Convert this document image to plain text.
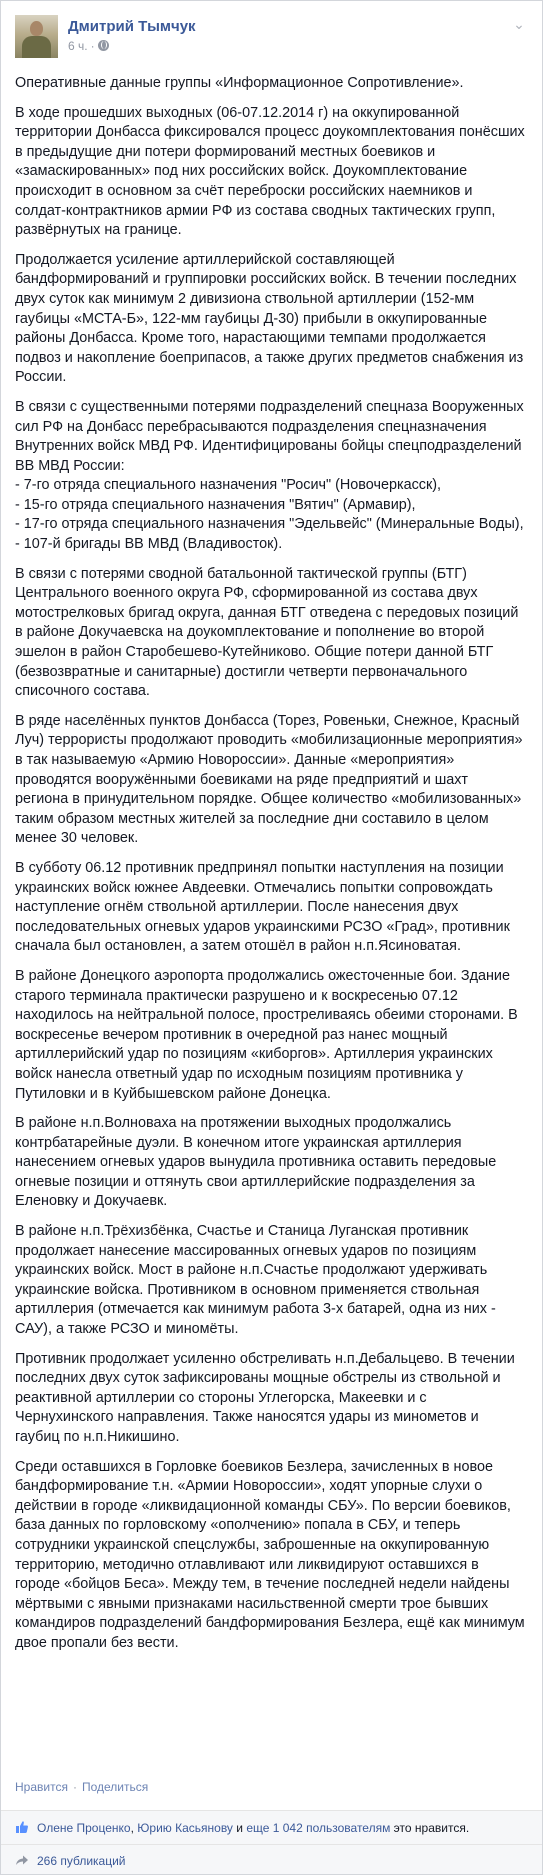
Дмитрий Тымчук
6 ч. ·
⌄

Оперативные данные группы «Информационное Сопротивление».

В ходе прошедших выходных (06-07.12.2014 г) на оккупированной территории Донбасса фиксировался процесс доукомплектования понёсших в предыдущие дни потери формирований местных боевиков и «замаскированных» под них российских войск. Доукомплектование происходит в основном за счёт переброски российских наемников и солдат-контрактников армии РФ из состава сводных тактических групп, развёрнутых на границе.

Продолжается усиление артиллерийской составляющей бандформирований и группировки российских войск. В течении последних двух суток как минимум 2 дивизиона ствольной артиллерии (152-мм гаубицы «МСТА-Б», 122-мм гаубицы Д-30) прибыли в оккупированные районы Донбасса. Кроме того, нарастающими темпами продолжается подвоз и накопление боеприпасов, а также других предметов снабжения из России.

В связи с существенными потерями подразделений спецназа Вооруженных сил РФ на Донбасс перебрасываются подразделения спецназначения Внутренних войск МВД РФ. Идентифицированы бойцы спецподразделений ВВ МВД России:
- 7-го отряда специального назначения "Росич" (Новочеркасск),
- 15-го отряда специального назначения "Вятич" (Армавир),
- 17-го отряда специального назначения "Эдельвейс" (Минеральные Воды),
- 107-й бригады ВВ МВД (Владивосток).

В связи с потерями сводной батальонной тактической группы (БТГ) Центрального военного округа РФ, сформированной из состава двух мотострелковых бригад округа, данная БТГ отведена с передовых позиций в районе Докучаевска на доукомплектование и пополнение во второй эшелон в район Старобешево-Кутейниково. Общие потери данной БТГ (безвозвратные и санитарные) достигли четверти первоначального списочного состава.

В ряде населённых пунктов Донбасса (Торез, Ровеньки, Снежное, Красный Луч) террористы продолжают проводить «мобилизационные мероприятия» в так называемую «Армию Новороссии». Данные «мероприятия» проводятся вооружёнными боевиками на ряде предприятий и шахт региона в принудительном порядке. Общее количество «мобилизованных» таким образом местных жителей за последние дни составило в целом менее 30 человек.

В субботу 06.12 противник предпринял попытки наступления на позиции украинских войск южнее Авдеевки. Отмечались попытки сопровождать наступление огнём ствольной артиллерии. После нанесения двух последовательных огневых ударов украинскими РСЗО «Град», противник сначала был остановлен, а затем отошёл в район н.п.Ясиноватая.

В районе Донецкого аэропорта продолжались ожесточенные бои. Здание старого терминала практически разрушено и к воскресенью 07.12 находилось на нейтральной полосе, простреливаясь обеими сторонами. В воскресенье вечером противник в очередной раз нанес мощный артиллерийский удар по позициям «киборгов». Артиллерия украинских войск нанесла ответный удар по исходным позициям противника у Путиловки и в Куйбышевском районе Донецка.

В районе н.п.Волноваха на протяжении выходных продолжались контрбатарейные дуэли. В конечном итоге украинская артиллерия нанесением огневых ударов вынудила противника оставить передовые огневые позиции и оттянуть свои артиллерийские подразделения за Еленовку и Докучаевк.

В районе н.п.Трёхизбёнка, Счастье и Станица Луганская противник продолжает нанесение массированных огневых ударов по позициям украинских войск. Мост в районе н.п.Счастье продолжают удерживать украинские войска. Противником в основном применяется ствольная артиллерия (отмечается как минимум работа 3-х батарей, одна из них - САУ), а также РСЗО и миномёты.

Противник продолжает усиленно обстреливать н.п.Дебальцево. В течении последних двух суток зафиксированы мощные обстрелы из ствольной и реактивной артиллерии со стороны Углегорска, Макеевки и с Чернухинского направления. Также наносятся удары из минометов и гаубиц по н.п.Никишино.

Среди оставшихся в Горловке боевиков Безлера, зачисленных в новое бандформирование т.н. «Армии Новороссии», ходят упорные слухи о действии в городе «ликвидационной команды СБУ». По версии боевиков, база данных по горловскому «ополчению» попала в СБУ, и теперь сотрудники украинской спецслужбы, заброшенные на оккупированную территорию, методично отлавливают или ликвидируют оставшихся в городе «бойцов Беса». Между тем, в течение последней недели найдены мёртвыми с явными признаками насильственной смерти трое бывших командиров подразделений бандформирования Безлера, ещё как минимум двое пропали без вести.

Нравится · Поделиться
Олене Проценко, Юрию Касьянову и еще 1 042 пользователям это нравится.
266 публикаций
